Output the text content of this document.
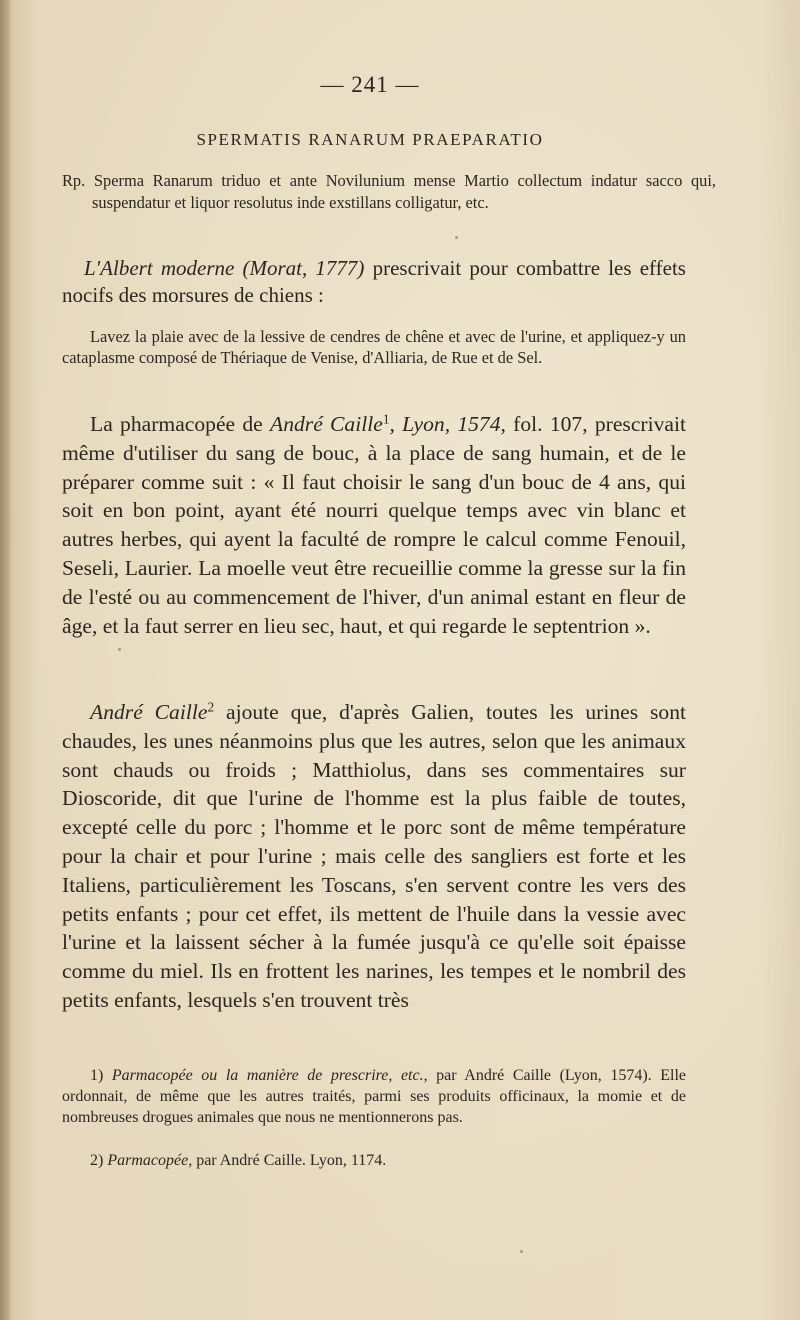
— 241 —
SPERMATIS RANARUM PRAEPARATIO
Rp. Sperma Ranarum triduo et ante Novilunium mense Martio collectum indatur sacco qui, suspendatur et liquor resolutus inde exstillans colligatur, etc.
L'Albert moderne (Morat, 1777) prescrivait pour combattre les effets nocifs des morsures de chiens :
Lavez la plaie avec de la lessive de cendres de chêne et avec de l'urine, et appliquez-y un cataplasme composé de Thériaque de Venise, d'Alliaria, de Rue et de Sel.
La pharmacopée de André Caille$^1$, Lyon, 1574, fol. 107, prescrivait même d'utiliser du sang de bouc, à la place de sang humain, et de le préparer comme suit : « Il faut choisir le sang d'un bouc de 4 ans, qui soit en bon point, ayant été nourri quelque temps avec vin blanc et autres herbes, qui ayent la faculté de rompre le calcul comme Fenouil, Seseli, Laurier. La moelle veut être recueillie comme la gresse sur la fin de l'esté ou au commencement de l'hiver, d'un animal estant en fleur de âge, et la faut serrer en lieu sec, haut, et qui regarde le septentrion ».
André Caille$^2$ ajoute que, d'après Galien, toutes les urines sont chaudes, les unes néanmoins plus que les autres, selon que les animaux sont chauds ou froids ; Matthiolus, dans ses commentaires sur Dioscoride, dit que l'urine de l'homme est la plus faible de toutes, excepté celle du porc ; l'homme et le porc sont de même température pour la chair et pour l'urine ; mais celle des sangliers est forte et les Italiens, particulièrement les Toscans, s'en servent contre les vers des petits enfants ; pour cet effet, ils mettent de l'huile dans la vessie avec l'urine et la laissent sécher à la fumée jusqu'à ce qu'elle soit épaisse comme du miel. Ils en frottent les narines, les tempes et le nombril des petits enfants, lesquels s'en trouvent très
1) Parmacopée ou la manière de prescrire, etc., par André Caille (Lyon, 1574). Elle ordonnait, de même que les autres traités, parmi ses produits officinaux, la momie et de nombreuses drogues animales que nous ne mentionnerons pas.
2) Parmacopée, par André Caille. Lyon, 1174.
